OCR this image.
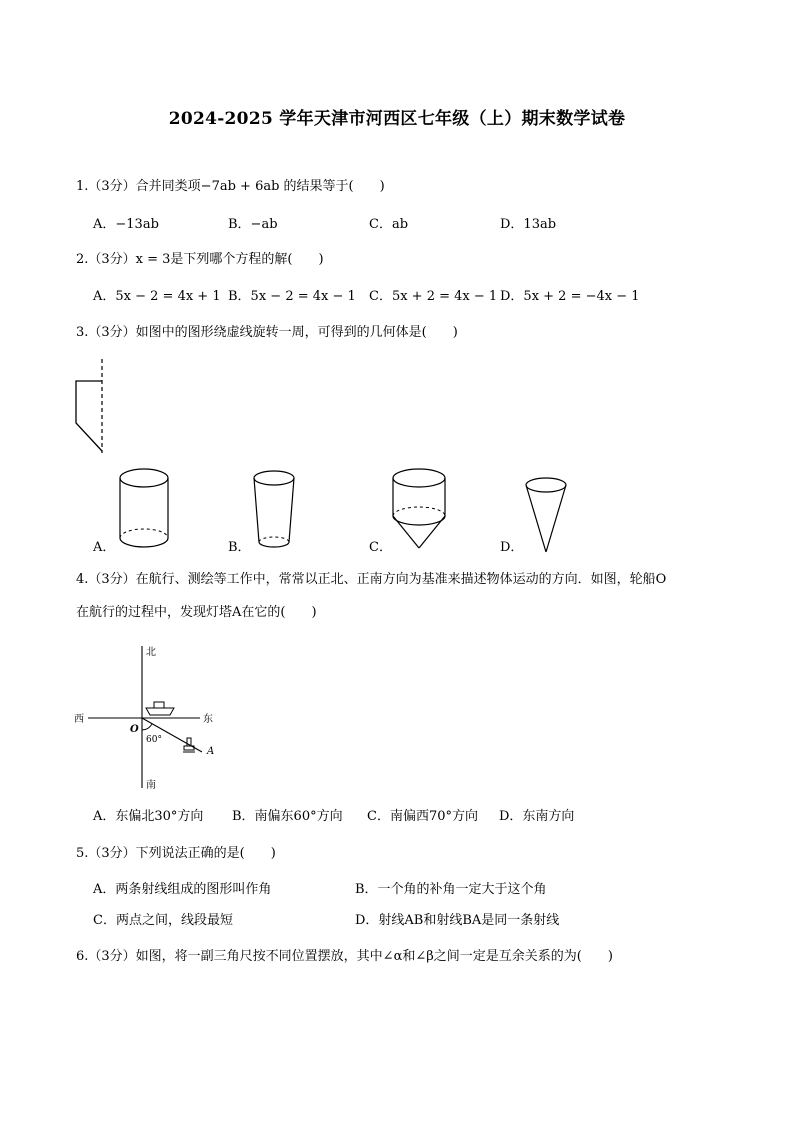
2024-2025 学年天津市河西区七年级（上）期末数学试卷
1.（3分）合并同类项−7ab + 6ab 的结果等于(　　)
A．−13ab	B．−ab	C．ab	D．13ab
2.（3分）x = 3是下列哪个方程的解(　　)
A．5x − 2 = 4x + 1 B．5x − 2 = 4x − 1 C．5x + 2 = 4x − 1 D．5x + 2 = −4x − 1
3.（3分）如图中的图形绕虚线旋转一周，可得到的几何体是(　　)
A．	B．	C．	D．
4.（3分）在航行、测绘等工作中，常常以正北、正南方向为基准来描述物体运动的方向．如图，轮船O
在航行的过程中，发现灯塔A在它的(　　)
北
南
西	东
O
A
60°
A．东偏北30°方向 B．南偏东60°方向 C．南偏西70°方向 D．东南方向
5.（3分）下列说法正确的是(　　)
A．两条射线组成的图形叫作角	B．一个角的补角一定大于这个角
C．两点之间，线段最短	D．射线AB和射线BA是同一条射线
6.（3分）如图，将一副三角尺按不同位置摆放，其中∠α和∠β之间一定是互余关系的为(　　)
